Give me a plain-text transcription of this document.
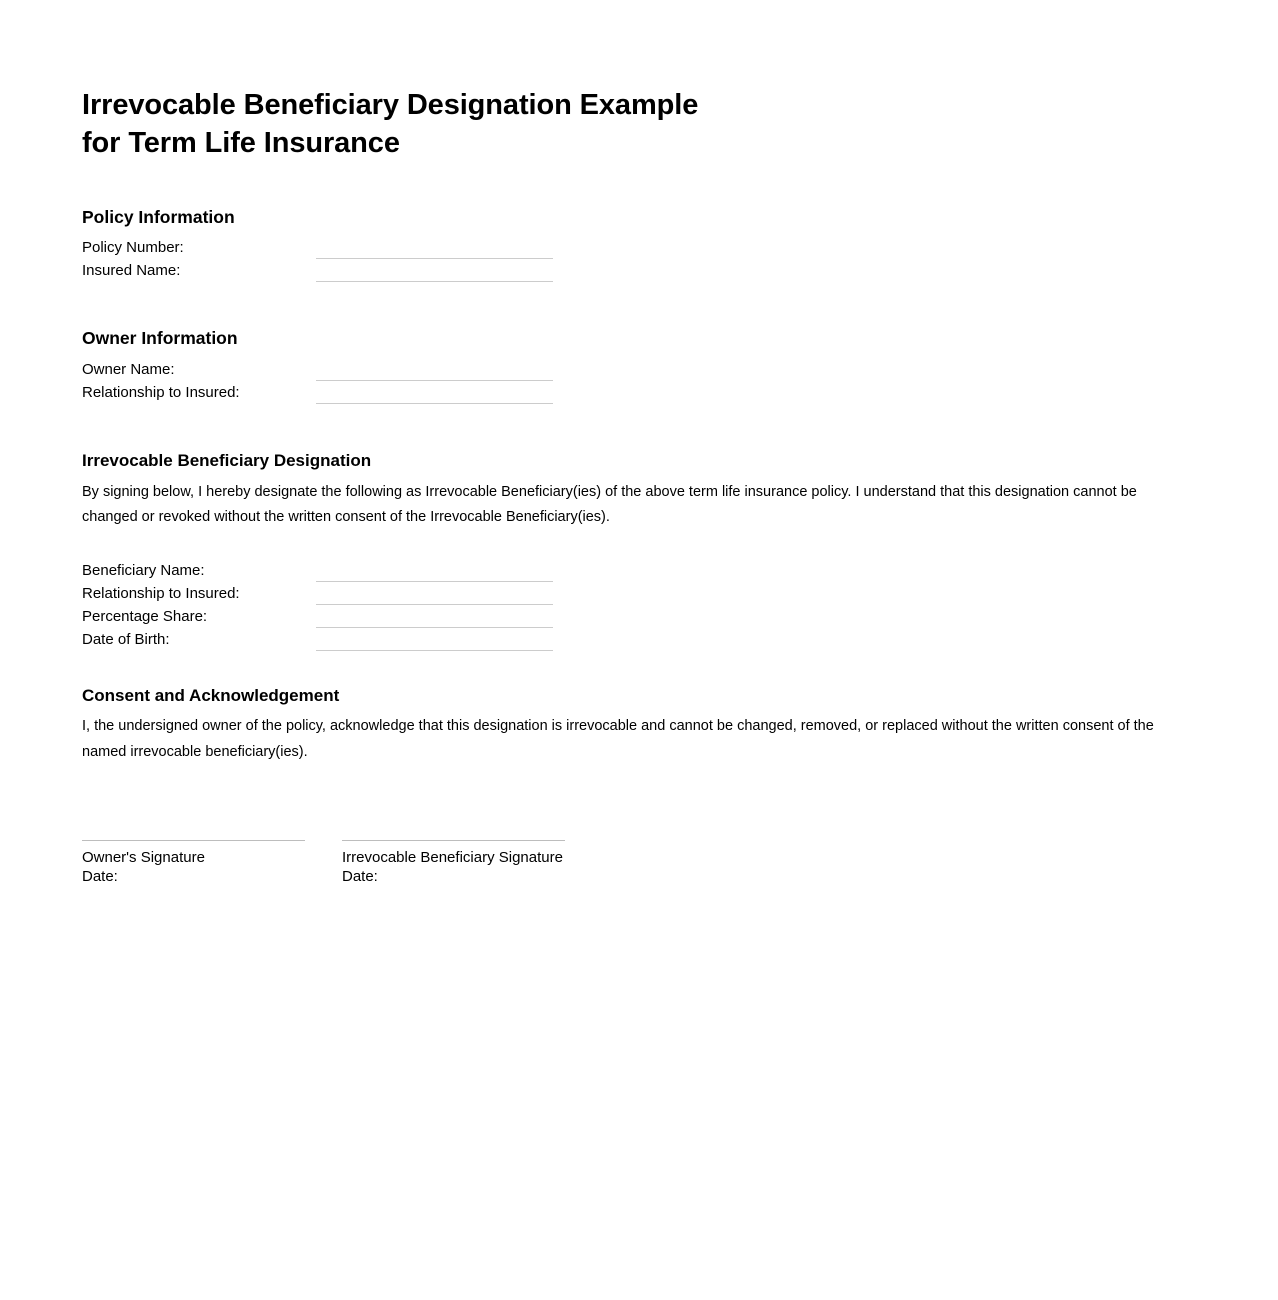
Irrevocable Beneficiary Designation Example
for Term Life Insurance
Policy Information
Policy Number:
Insured Name:
Owner Information
Owner Name:
Relationship to Insured:
Irrevocable Beneficiary Designation

By signing below, I hereby designate the following as Irrevocable Beneficiary(ies) of the above term life insurance policy. I understand that this designation cannot be changed or revoked without the written consent of the Irrevocable Beneficiary(ies).

Beneficiary Name:
Relationship to Insured:
Percentage Share:
Date of Birth:
Consent and Acknowledgement

I, the undersigned owner of the policy, acknowledge that this designation is irrevocable and cannot be changed, removed, or replaced without the written consent of the named irrevocable beneficiary(ies).

Owner's Signature
Date:
Irrevocable Beneficiary Signature
Date:
